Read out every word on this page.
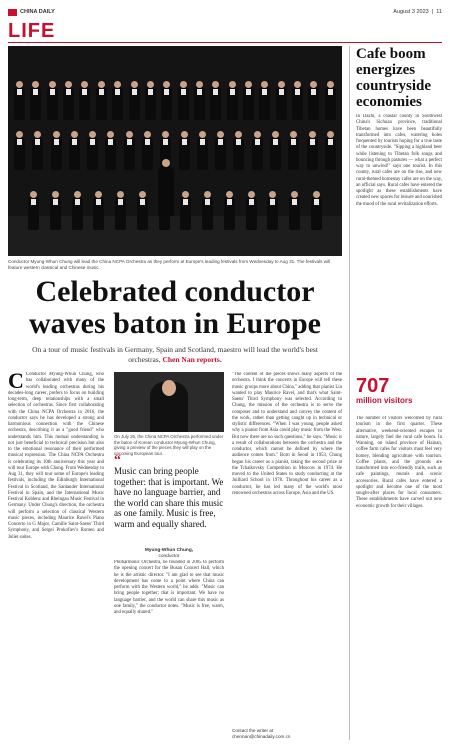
CHINA DAILY	August 3 2023  |  11
LIFE
Conductor Myung-Whun Chung will lead the China NCPA Orchestra as they perform at Europe's leading festivals from Wednesday to Aug 31. The festivals will feature western classical and Chinese music.
Celebrated conductor waves baton in Europe

On a tour of music festivals in Germany, Spain and Scotland, maestro will lead the world's best orchestras, Chen Nan reports.

C Conductor Myung-Whun Chung, who has collaborated with many of the world's leading orchestras during his decades-long career, prefers to focus on building long-term, deep relationships with a small selection of orchestras. Since first collaborating with the China NCPA Orchestra in 2016, the conductor says he has developed a strong and harmonious connection with the Chinese orchestra, describing it as a "good friend" who understands him. This mutual understanding is not just beneficial to technical precision but also to the emotional resonance of their performed musical expression. The China NCPA Orchestra is celebrating its 10th anniversary this year and will tour Europe with Chung. From Wednesday to Aug 31, they will tour some of Europe's leading festivals, including the Edinburgh International Festival in Scotland, the Santander International Festival in Spain, and the International Music Festival Koblenz and Rheingau Music Festival in Germany. Under Chung's direction, the orchestra will perform a selection of classical Western music pieces, including Maurice Ravel's Piano Concerto in G Major, Camille Saint-Saens' Third Symphony, and Sergei Prokofiev's Romeo and Juliet suites.
On July 26, the China NCPA Orchestra performed under the baton of Korean conductor Myung-Whun Chung, giving a preview of the pieces they will play on the upcoming European tour.
“
Music can bring people together: that is important. We have no language barrier, and the world can share this music as one family. Music is free, warm and equally shared.
Myung-Whun Chung,
conductor
Philharmonic Orchestra, he founded in 2005 to perform the opening concert for the Busan Concert Hall, which he is the artistic director. "I am glad to see that music development has come to a point where China can perform with the Western world," he adds. "Music can bring people together; that is important. We have no language barrier, and the world can share this music as one family," the conductor notes. "Music is free, warm, and equally shared."
"The content of the pieces shows many aspects of the orchestra. I think the concerts in Europe will tell these music groups more about China," adding that pianist Liu wanted to play Maurice Ravel, and that's what Saint-Saens' Third Symphony was selected. According to Chung, the mission of the orchestra is to serve the composer and to understand and convey the content of the work, rather than getting caught up in technical or stylistic differences. "When I was young, people asked why a pianist from Asia could play music from the West. But now there are no such questions," he says. "Music is a result of collaborations between the orchestra and the conductor, which cannot be defined by where the audience comes from." Born in Seoul in 1953, Chung began his career as a pianist, taking the second prize at the Tchaikovsky Competition in Moscow in 1974. He moved to the United States to study conducting at the Juilliard School in 1978. Throughout his career as a conductor, he has led many of the world's most renowned orchestras across Europe, Asia and the US.
Contact the writer at
chennan@chinadaily.com.cn
Cafe boom energizes countryside economies
In Dazhi, a coastal county in Southwest China's Sichuan province, traditional Tibetan homes have been beautifully transformed into cafes, watering holes frequented by tourists hoping for a true taste of the countryside. "Sipping a highland beer while listening to Tibetan folk songs and bouncing through pastures — what a perfect way to unwind!" says one tourist. In this county, rural cafes are on the rise, and new rural-themed homestay cafes are on the way, an official says. Rural cafes have entered the spotlight as these establishments have created new spaces for leisure and nourished the mood of the rural revitalization efforts.
707
million visitors
The number of visitors welcomed by rural tourism in the first quarter. These alternative, weekend-oriented escapes to nature, largely fuel the rural cafe boom. In Wanning, on island province of Hainan, coffee farm cafes for visitors must feel very homey, blending agriculture with tourism. Coffee plants, and the grounds are transformed into eco-friendly trails, such as cafe paintings, murals and scenic accessories. Rural cafes have entered a spotlight and become one of the most sought-after places for local consumers. These establishments have carved out new economic growth for their villages.
